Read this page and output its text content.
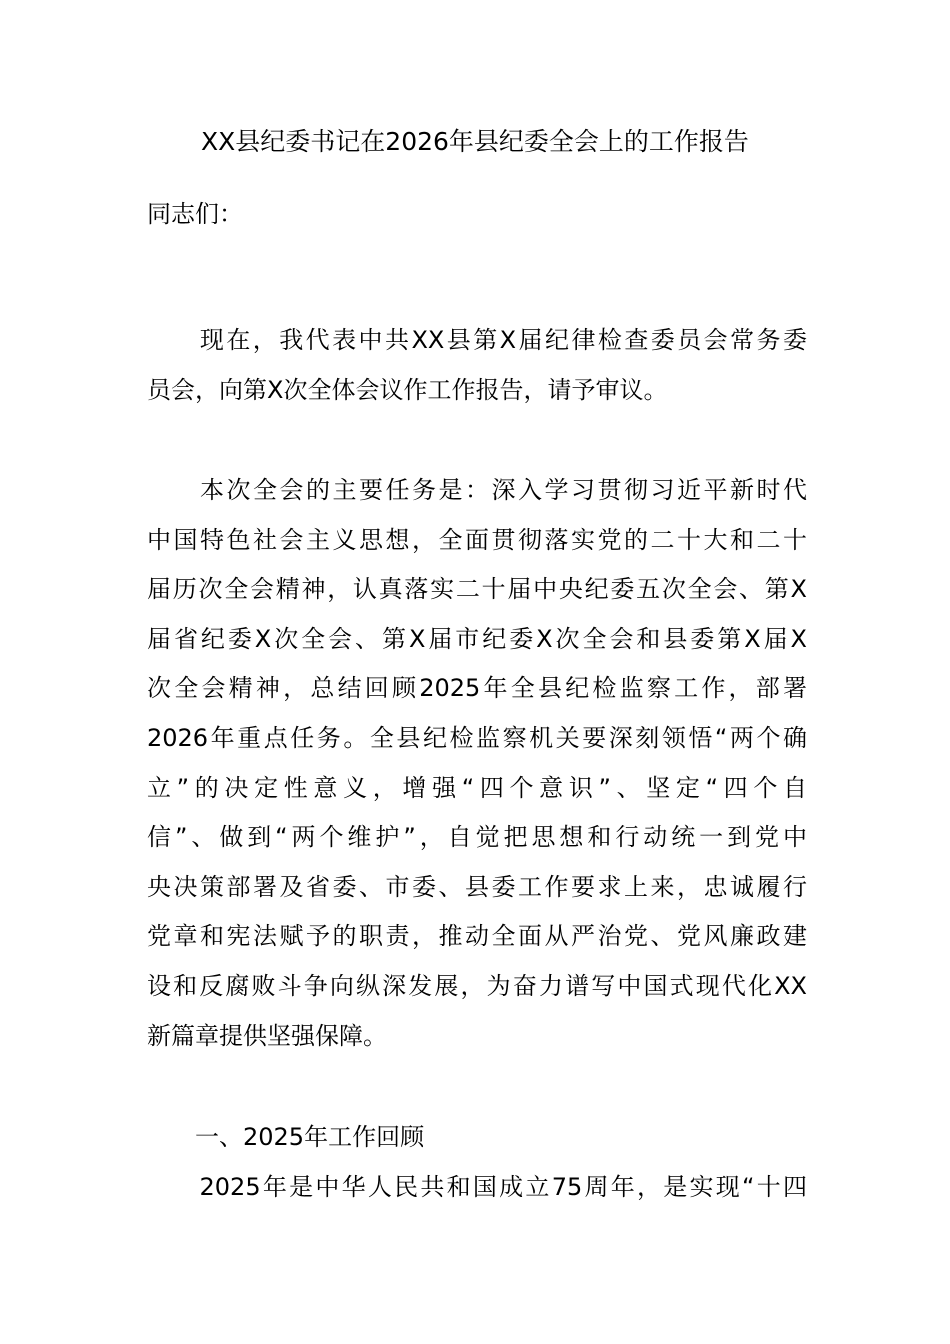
XX县纪委书记在2026年县纪委全会上的工作报告
同志们：
　　现在，我代表中共XX县第X届纪律检查委员会常务委
员会，向第X次全体会议作工作报告，请予审议。
　　本次全会的主要任务是：深入学习贯彻习近平新时代
中国特色社会主义思想，全面贯彻落实党的二十大和二十
届历次全会精神，认真落实二十届中央纪委五次全会、第X
届省纪委X次全会、第X届市纪委X次全会和县委第X届X
次全会精神，总结回顾2025年全县纪检监察工作，部署
2026年重点任务。全县纪检监察机关要深刻领悟“两个确
立”的决定性意义，增强“四个意识”、坚定“四个自
信”、做到“两个维护”，自觉把思想和行动统一到党中
央决策部署及省委、市委、县委工作要求上来，忠诚履行
党章和宪法赋予的职责，推动全面从严治党、党风廉政建
设和反腐败斗争向纵深发展，为奋力谱写中国式现代化XX
新篇章提供坚强保障。
　　一、2025年工作回顾
　　2025年是中华人民共和国成立75周年，是实现“十四
